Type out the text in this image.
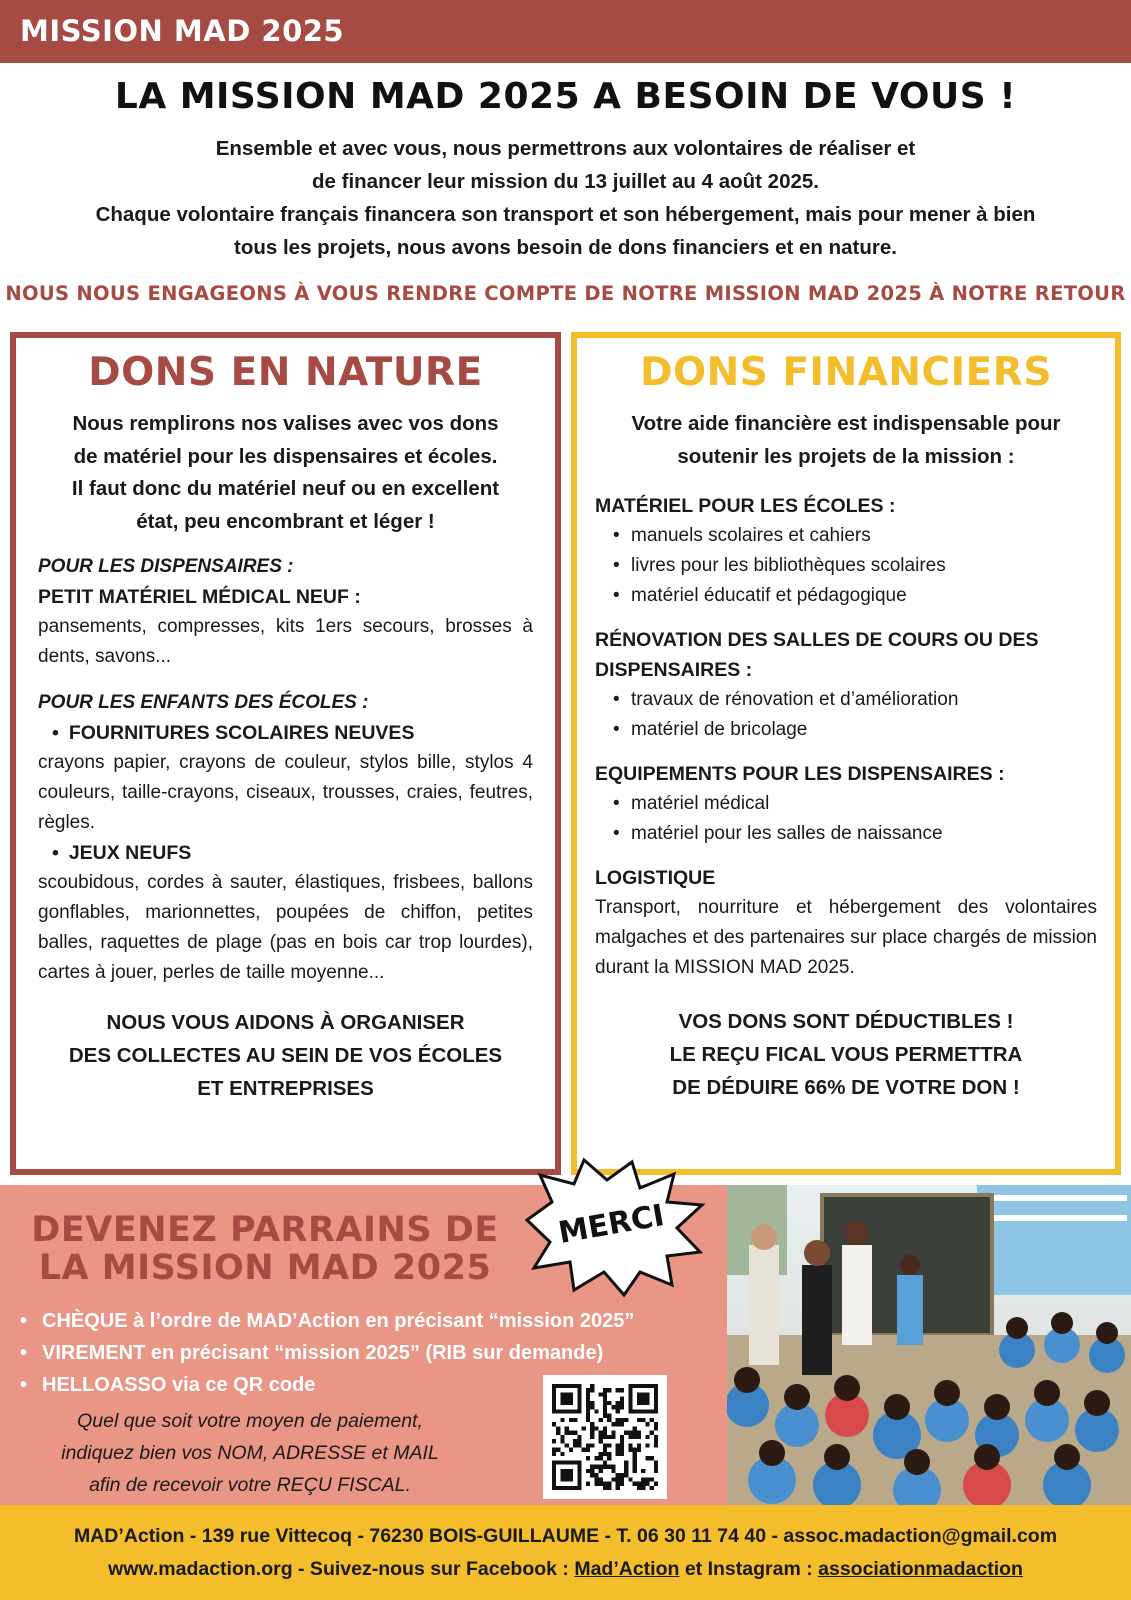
MISSION MAD 2025
LA MISSION MAD 2025 A BESOIN DE VOUS !

Ensemble et avec vous, nous permettrons aux volontaires de réaliser et

de financer leur mission du 13 juillet au 4 août 2025.

Chaque volontaire français financera son transport et son hébergement, mais pour mener à bien

tous les projets, nous avons besoin de dons financiers et en nature.

NOUS NOUS ENGAGEONS À VOUS RENDRE COMPTE DE NOTRE MISSION MAD 2025 À NOTRE RETOUR
DONS EN NATURE
Nous remplirons nos valises avec vos dons
de matériel pour les dispensaires et écoles.
Il faut donc du matériel neuf ou en excellent
état, peu encombrant et léger !
POUR LES DISPENSAIRES :
PETIT MATÉRIEL MÉDICAL NEUF :
pansements, compresses, kits 1ers secours, brosses à dents, savons...
POUR LES ENFANTS DES ÉCOLES :
• FOURNITURES SCOLAIRES NEUVES
crayons papier, crayons de couleur, stylos bille, stylos 4 couleurs, taille-crayons, ciseaux, trousses, craies, feutres, règles.
• JEUX NEUFS
scoubidous, cordes à sauter, élastiques, frisbees, ballons gonflables, marionnettes, poupées de chiffon, petites balles, raquettes de plage (pas en bois car trop lourdes), cartes à jouer, perles de taille moyenne...
NOUS VOUS AIDONS À ORGANISER
DES COLLECTES AU SEIN DE VOS ÉCOLES
ET ENTREPRISES
DONS FINANCIERS
Votre aide financière est indispensable pour
soutenir les projets de la mission :
MATÉRIEL POUR LES ÉCOLES :
• manuels scolaires et cahiers
• livres pour les bibliothèques scolaires
• matériel éducatif et pédagogique
RÉNOVATION DES SALLES DE COURS OU DES DISPENSAIRES :
• travaux de rénovation et d’amélioration
• matériel de bricolage
EQUIPEMENTS POUR LES DISPENSAIRES :
• matériel médical
• matériel pour les salles de naissance
LOGISTIQUE
Transport, nourriture et hébergement des volontaires malgaches et des partenaires sur place chargés de mission durant la MISSION MAD 2025.
VOS DONS SONT DÉDUCTIBLES !
LE REÇU FICAL VOUS PERMETTRA
DE DÉDUIRE 66% DE VOTRE DON !
DEVENEZ PARRAINS DE
LA MISSION MAD 2025
• CHÈQUE à l’ordre de MAD’Action en précisant “mission 2025”
• VIREMENT en précisant “mission 2025” (RIB sur demande)
• HELLOASSO via ce QR code
Quel que soit votre moyen de paiement,
indiquez bien vos NOM, ADRESSE et MAIL
afin de recevoir votre REÇU FISCAL.
MERCI
MAD’Action - 139 rue Vittecoq - 76230 BOIS-GUILLAUME - T. 06 30 11 74 40 - assoc.madaction@gmail.com
www.madaction.org - Suivez-nous sur Facebook : Mad’Action et Instagram : associationmadaction
